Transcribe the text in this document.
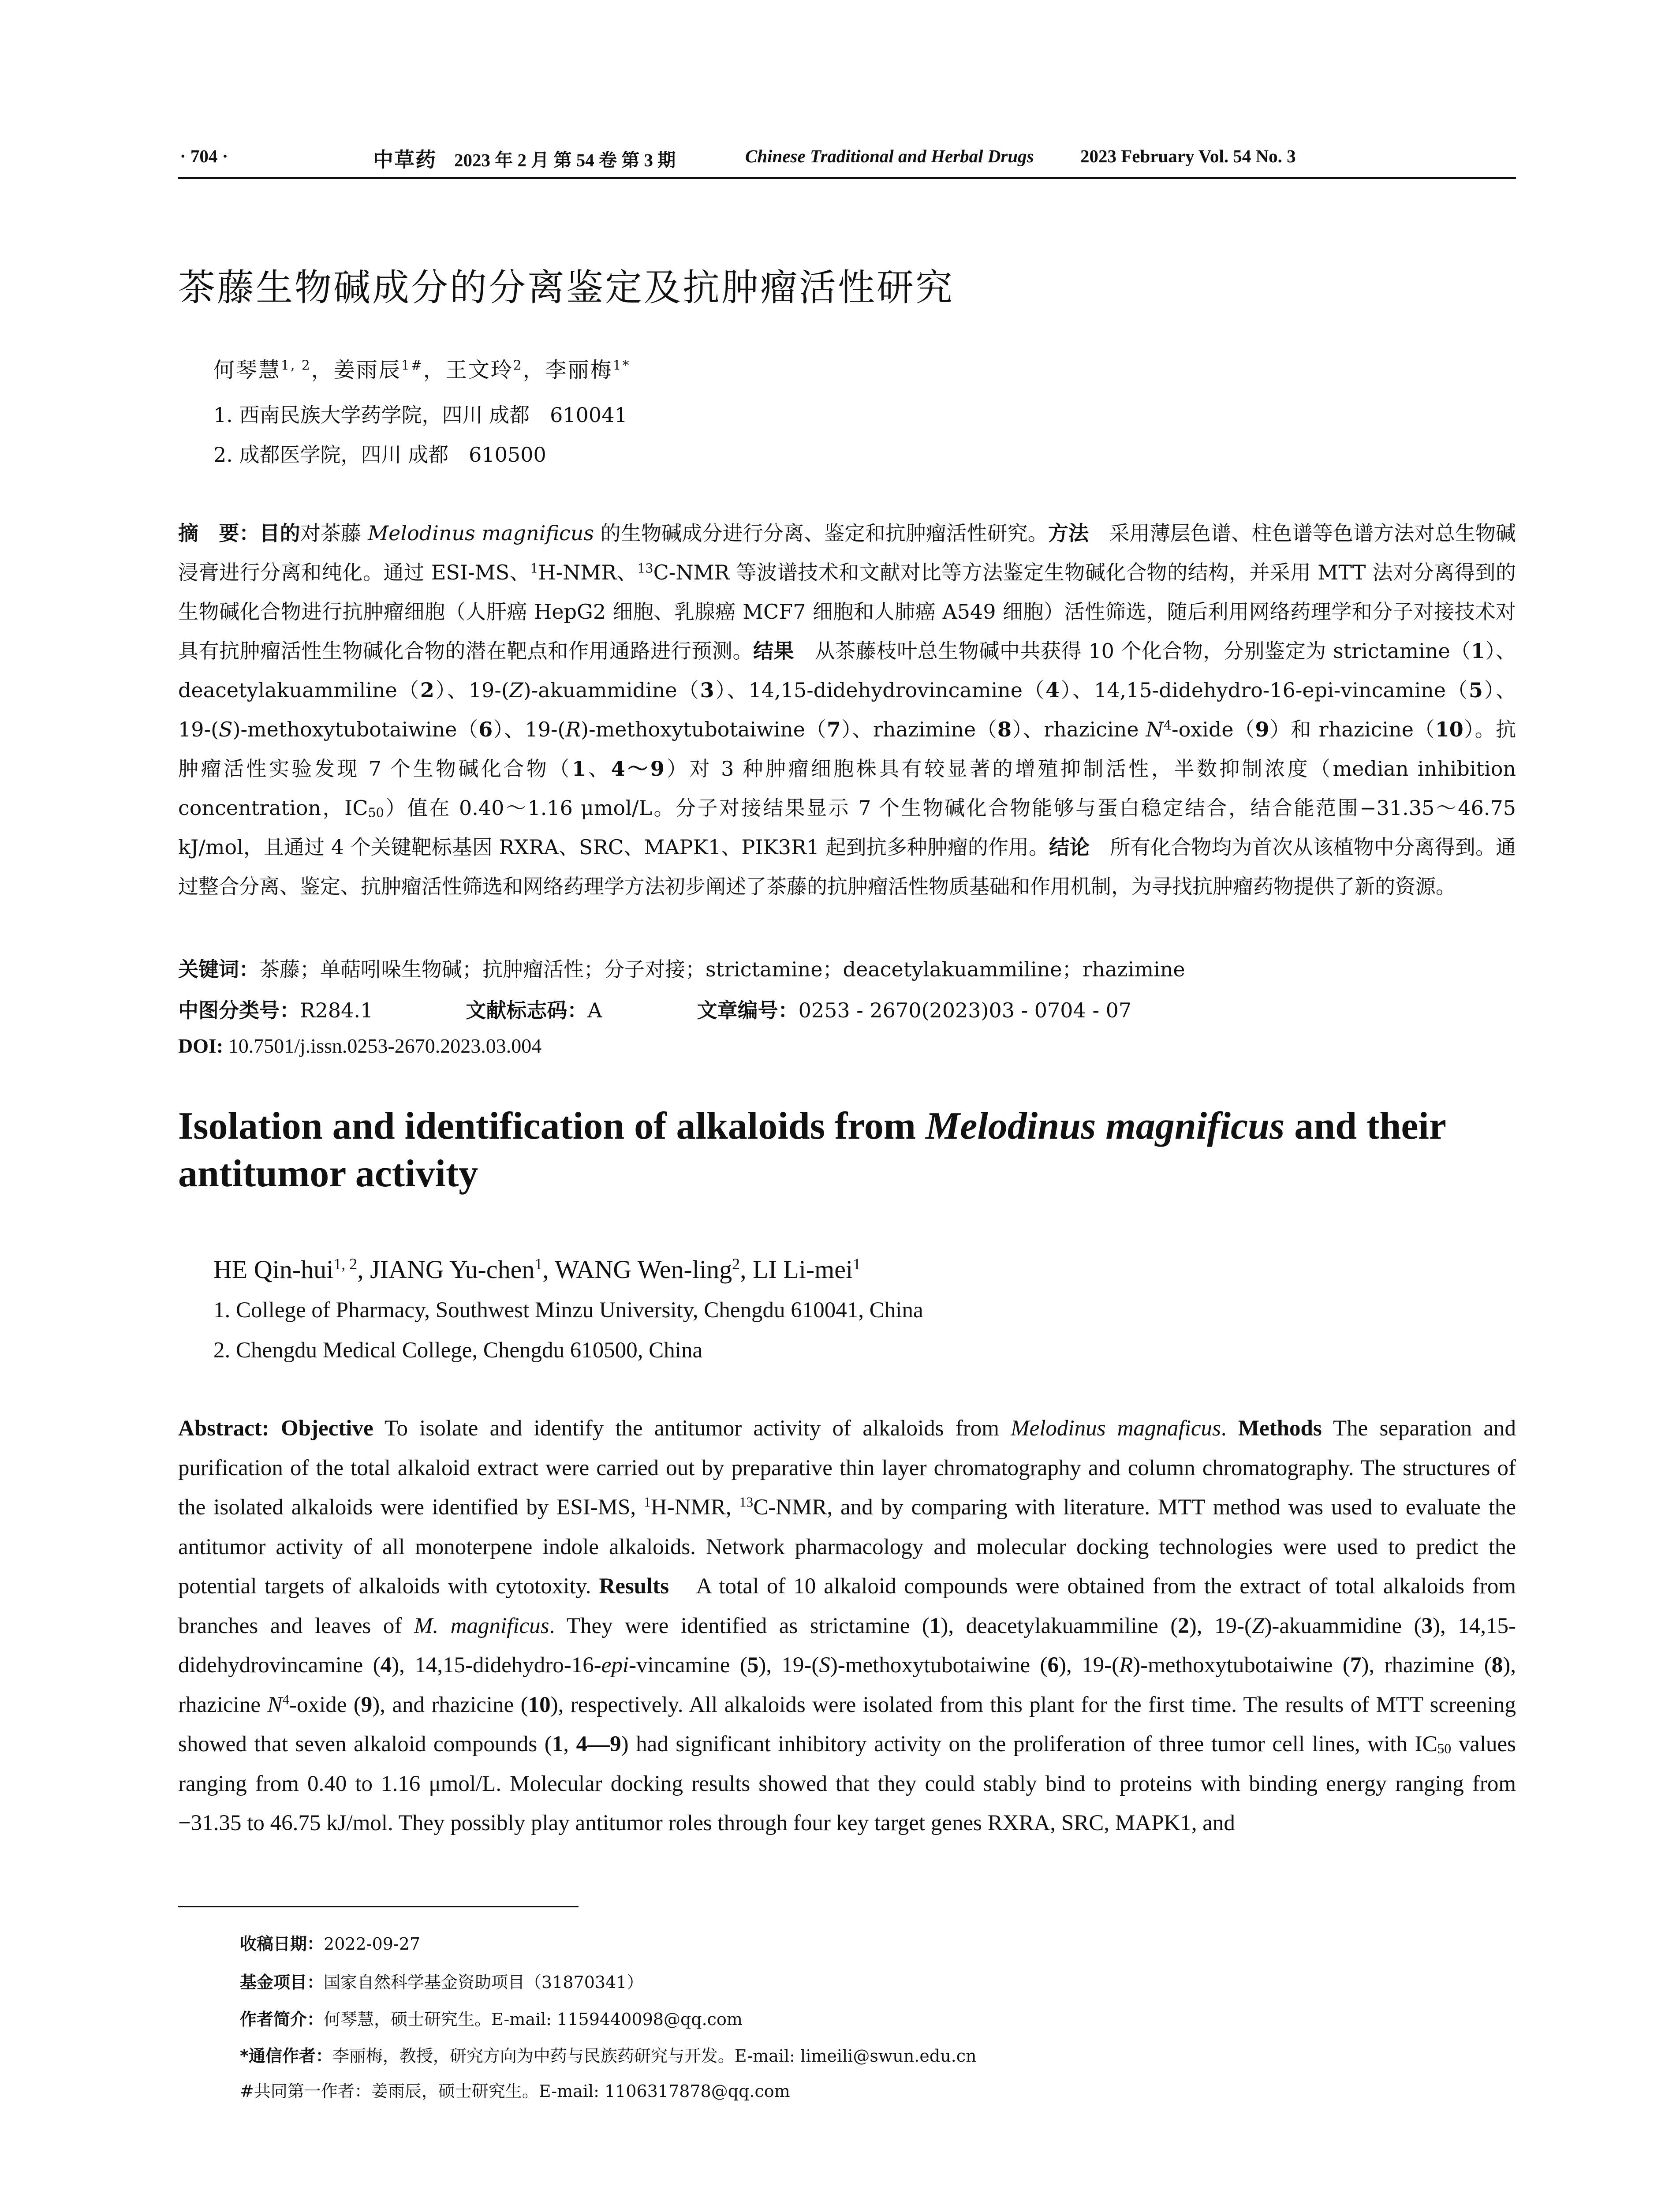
· 704 ·	中草药 2023 年 2 月 第 54 卷 第 3 期	Chinese Traditional and Herbal Drugs	2023 February Vol. 54 No. 3
茶藤生物碱成分的分离鉴定及抗肿瘤活性研究
何琴慧$^{1, 2}$，姜雨辰$^{1\#}$，王文玲$^2$，李丽梅$^{1*}$
1. 西南民族大学药学院，四川 成都　610041
2. 成都医学院，四川 成都　610500
摘　要：目的对茶藤 Melodinus magnificus 的生物碱成分进行分离、鉴定和抗肿瘤活性研究。方法　采用薄层色谱、柱色谱等色谱方法对总生物碱浸膏进行分离和纯化。通过 ESI-MS、$^1$H-NMR、$^{13}$C-NMR 等波谱技术和文献对比等方法鉴定生物碱化合物的结构，并采用 MTT 法对分离得到的生物碱化合物进行抗肿瘤细胞（人肝癌 HepG2 细胞、乳腺癌 MCF7 细胞和人肺癌 A549 细胞）活性筛选，随后利用网络药理学和分子对接技术对具有抗肿瘤活性生物碱化合物的潜在靶点和作用通路进行预测。结果　从茶藤枝叶总生物碱中共获得 10 个化合物，分别鉴定为 strictamine（1）、deacetylakuammiline（2）、19-(Z)-akuammidine（3）、14,15-didehydrovincamine（4）、14,15-didehydro-16-epi-vincamine（5）、19-(S)-methoxytubotaiwine（6）、19-(R)-methoxytubotaiwine（7）、rhazimine（8）、rhazicine $N^4-oxide(9)$和 rhazicine（10）。抗肿瘤活性实验发现 7 个生物碱化合物（1、4～9）对 3 种肿瘤细胞株具有较显著的增殖抑制活性，半数抑制浓度（median inhibition concentration，$IC_{50}$）值在 0.40～1.16 μmol/L。分子对接结果显示 7 个生物碱化合物能够与蛋白稳定结合，结合能范围−31.35～46.75 kJ/mol，且通过 4 个关键靶标基因 RXRA、SRC、MAPK1、PIK3R1 起到抗多种肿瘤的作用。结论　所有化合物均为首次从该植物中分离得到。通过整合分离、鉴定、抗肿瘤活性筛选和网络药理学方法初步阐述了茶藤的抗肿瘤活性物质基础和作用机制，为寻找抗肿瘤药物提供了新的资源。
关键词：茶藤；单萜吲哚生物碱；抗肿瘤活性；分子对接；strictamine；deacetylakuammiline；rhazimine
中图分类号：R284.1	文献标志码：A	文章编号：0253 - 2670(2023)03 - 0704 - 07
DOI: 10.7501/j.issn.0253-2670.2023.03.004
Isolation and identification of alkaloids from Melodinus magnificus and their antitumor activity
HE Qin-hui$^{1, 2}$, JIANG Yu-chen$^1$, WANG Wen-ling$^2$, LI Li-mei$^1$
1. College of Pharmacy, Southwest Minzu University, Chengdu 610041, China
2. Chengdu Medical College, Chengdu 610500, China
Abstract: Objective To isolate and identify the antitumor activity of alkaloids from Melodinus magnaficus. Methods The separation and purification of the total alkaloid extract were carried out by preparative thin layer chromatography and column chromatography. The structures of the isolated alkaloids were identified by ESI-MS, $^1$H-NMR, $^{13}$C-NMR, and by comparing with literature. MTT method was used to evaluate the antitumor activity of all monoterpene indole alkaloids. Network pharmacology and molecular docking technologies were used to predict the potential targets of alkaloids with cytotoxity. Results　A total of 10 alkaloid compounds were obtained from the extract of total alkaloids from branches and leaves of M. magnificus. They were identified as strictamine (1), deacetylakuammiline (2), 19-(Z)-akuammidine (3), 14,15-didehydrovincamine (4), 14,15-didehydro-16-epi-vincamine (5), 19-(S)-methoxytubotaiwine (6), 19-(R)-methoxytubotaiwine (7), rhazimine (8), rhazicine $N^4$-oxide (9), and rhazicine (10), respectively. All alkaloids were isolated from this plant for the first time. The results of MTT screening showed that seven alkaloid compounds (1, 4—9) had significant inhibitory activity on the proliferation of three tumor cell lines, with $IC_{50}$ values ranging from 0.40 to 1.16 μmol/L. Molecular docking results showed that they could stably bind to proteins with binding energy ranging from −31.35 to 46.75 kJ/mol. They possibly play antitumor roles through four key target genes RXRA, SRC, MAPK1, and
收稿日期：2022-09-27
基金项目：国家自然科学基金资助项目（31870341）
作者简介：何琴慧，硕士研究生。E-mail: 1159440098@qq.com
*通信作者：李丽梅，教授，研究方向为中药与民族药研究与开发。E-mail: limeili@swun.edu.cn
#共同第一作者：姜雨辰，硕士研究生。E-mail: 1106317878@qq.com
